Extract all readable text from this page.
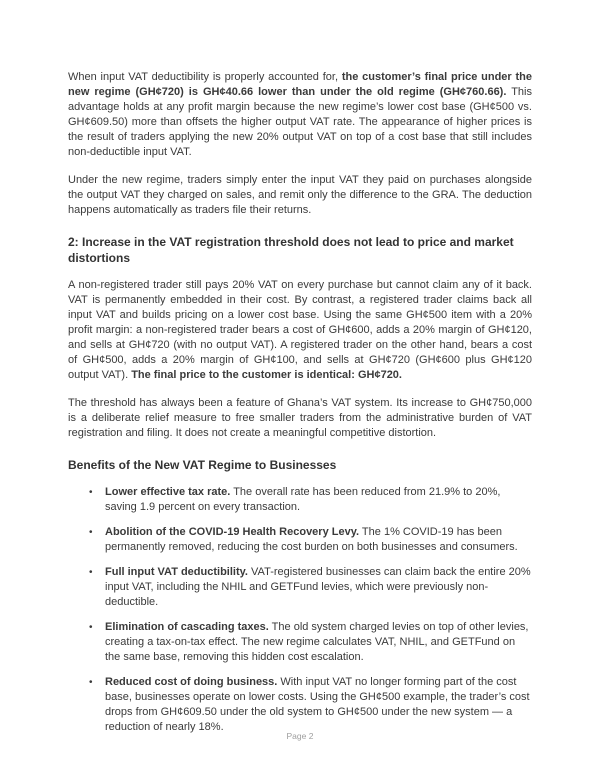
When input VAT deductibility is properly accounted for, the customer’s final price under the new regime (GH¢720) is GH¢40.66 lower than under the old regime (GH¢760.66). This advantage holds at any profit margin because the new regime’s lower cost base (GH¢500 vs. GH¢609.50) more than offsets the higher output VAT rate. The appearance of higher prices is the result of traders applying the new 20% output VAT on top of a cost base that still includes non-deductible input VAT.

Under the new regime, traders simply enter the input VAT they paid on purchases alongside the output VAT they charged on sales, and remit only the difference to the GRA. The deduction happens automatically as traders file their returns.

2: Increase in the VAT registration threshold does not lead to price and market distortions

A non-registered trader still pays 20% VAT on every purchase but cannot claim any of it back. VAT is permanently embedded in their cost. By contrast, a registered trader claims back all input VAT and builds pricing on a lower cost base. Using the same GH¢500 item with a 20% profit margin: a non-registered trader bears a cost of GH¢600, adds a 20% margin of GH¢120, and sells at GH¢720 (with no output VAT). A registered trader on the other hand, bears a cost of GH¢500, adds a 20% margin of GH¢100, and sells at GH¢720 (GH¢600 plus GH¢120 output VAT). The final price to the customer is identical: GH¢720.

The threshold has always been a feature of Ghana’s VAT system. Its increase to GH¢750,000 is a deliberate relief measure to free smaller traders from the administrative burden of VAT registration and filing. It does not create a meaningful competitive distortion.

Benefits of the New VAT Regime to Businesses
• Lower effective tax rate. The overall rate has been reduced from 21.9% to 20%, saving 1.9 percent on every transaction.
• Abolition of the COVID-19 Health Recovery Levy. The 1% COVID-19 has been permanently removed, reducing the cost burden on both businesses and consumers.
• Full input VAT deductibility. VAT-registered businesses can claim back the entire 20% input VAT, including the NHIL and GETFund levies, which were previously non-deductible.
• Elimination of cascading taxes. The old system charged levies on top of other levies, creating a tax-on-tax effect. The new regime calculates VAT, NHIL, and GETFund on the same base, removing this hidden cost escalation.
• Reduced cost of doing business. With input VAT no longer forming part of the cost base, businesses operate on lower costs. Using the GH¢500 example, the trader’s cost drops from GH¢609.50 under the old system to GH¢500 under the new system — a reduction of nearly 18%.
Page 2
